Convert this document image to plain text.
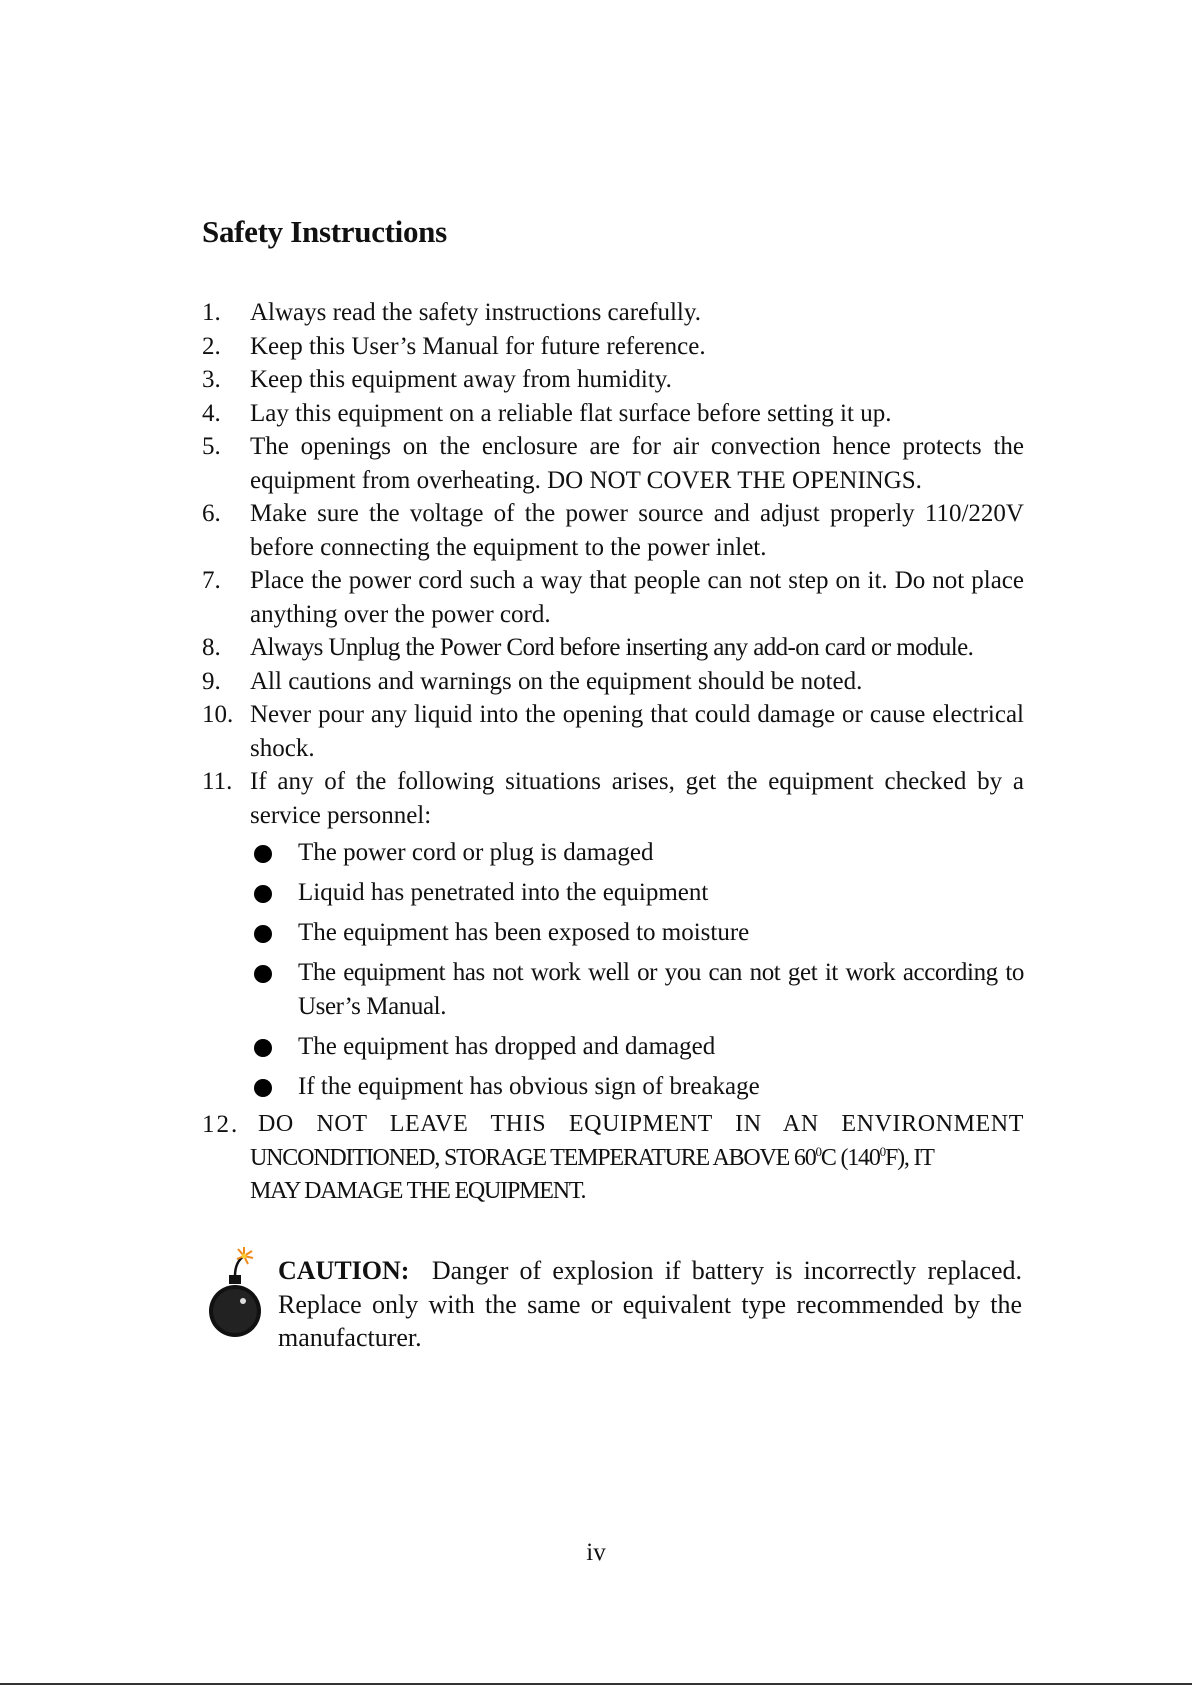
Safety Instructions
1. Always read the safety instructions carefully.
2. Keep this User’s Manual for future reference.
3. Keep this equipment away from humidity.
4. Lay this equipment on a reliable flat surface before setting it up.
5. The openings on the enclosure are for air convection hence protects the equipment from overheating. DO NOT COVER THE OPENINGS.
6. Make sure the voltage of the power source and adjust properly 110/220V before connecting the equipment to the power inlet.
7. Place the power cord such a way that people can not step on it. Do not place anything over the power cord.
8. Always Unplug the Power Cord before inserting any add-on card or module.
9. All cautions and warnings on the equipment should be noted.
10. Never pour any liquid into the opening that could damage or cause electrical shock.
11. If any of the following situations arises, get the equipment checked by a service personnel:
The power cord or plug is damaged
Liquid has penetrated into the equipment
The equipment has been exposed to moisture
The equipment has not work well or you can not get it work according to User’s Manual.
The equipment has dropped and damaged
If the equipment has obvious sign of breakage
12. DO NOT LEAVE THIS EQUIPMENT IN AN ENVIRONMENT
UNCONDITIONED, STORAGE TEMPERATURE ABOVE $60^0C$ $(140^0F)$, IT
MAY DAMAGE THE EQUIPMENT.
CAUTION: Danger of explosion if battery is incorrectly replaced. Replace only with the same or equivalent type recommended by the manufacturer.
iv
